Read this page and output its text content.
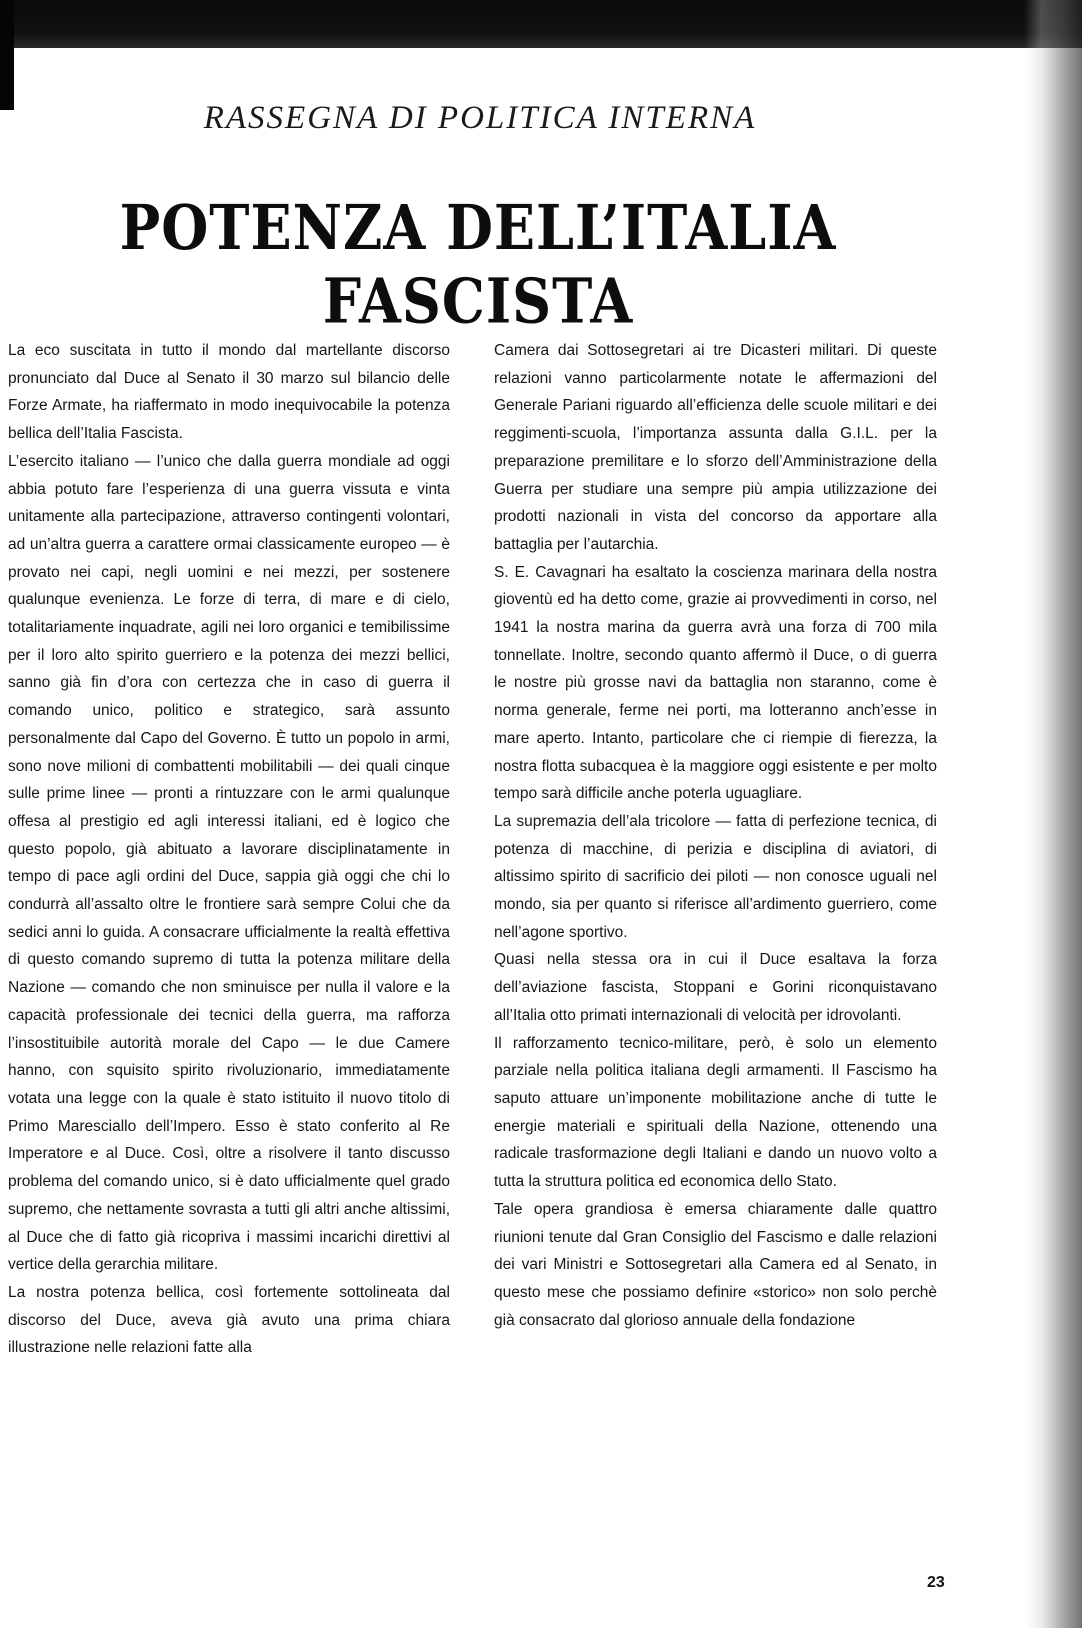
RASSEGNA DI POLITICA INTERNA
POTENZA DELL’ITALIA FASCISTA

La eco suscitata in tutto il mondo dal martellante discorso pronunciato dal Duce al Senato il 30 marzo sul bilancio delle Forze Armate, ha riaffermato in modo inequivocabile la potenza bellica dell’Italia Fascista.

L’esercito italiano — l’unico che dalla guerra mondiale ad oggi abbia potuto fare l’esperienza di una guerra vissuta e vinta unitamente alla partecipazione, attraverso contingenti volontari, ad un’altra guerra a carattere ormai classicamente europeo — è provato nei capi, negli uomini e nei mezzi, per sostenere qualunque evenienza. Le forze di terra, di mare e di cielo, totalitariamente inquadrate, agili nei loro organici e temibilissime per il loro alto spirito guerriero e la potenza dei mezzi bellici, sanno già fin d’ora con certezza che in caso di guerra il comando unico, politico e strategico, sarà assunto personalmente dal Capo del Governo. È tutto un popolo in armi, sono nove milioni di combattenti mobilitabili — dei quali cinque sulle prime linee — pronti a rintuzzare con le armi qualunque offesa al prestigio ed agli interessi italiani, ed è logico che questo popolo, già abituato a lavorare disciplinatamente in tempo di pace agli ordini del Duce, sappia già oggi che chi lo condurrà all’assalto oltre le frontiere sarà sempre Colui che da sedici anni lo guida. A consacrare ufficialmente la realtà effettiva di questo comando supremo di tutta la potenza militare della Nazione — comando che non sminuisce per nulla il valore e la capacità professionale dei tecnici della guerra, ma rafforza l’insostituibile autorità morale del Capo — le due Camere hanno, con squisito spirito rivoluzionario, immediatamente votata una legge con la quale è stato istituito il nuovo titolo di Primo Maresciallo dell’Impero. Esso è stato conferito al Re Imperatore e al Duce. Così, oltre a risolvere il tanto discusso problema del comando unico, si è dato ufficialmente quel grado supremo, che nettamente sovrasta a tutti gli altri anche altissimi, al Duce che di fatto già ricopriva i massimi incarichi direttivi al vertice della gerarchia militare.

La nostra potenza bellica, così fortemente sottolineata dal discorso del Duce, aveva già avuto una prima chiara illustrazione nelle relazioni fatte alla

Camera dai Sottosegretari ai tre Dicasteri militari. Di queste relazioni vanno particolarmente notate le affermazioni del Generale Pariani riguardo all’efficienza delle scuole militari e dei reggimenti-scuola, l’importanza assunta dalla G.I.L. per la preparazione premilitare e lo sforzo dell’Amministrazione della Guerra per studiare una sempre più ampia utilizzazione dei prodotti nazionali in vista del concorso da apportare alla battaglia per l’autarchia.

S. E. Cavagnari ha esaltato la coscienza marinara della nostra gioventù ed ha detto come, grazie ai provvedimenti in corso, nel 1941 la nostra marina da guerra avrà una forza di 700 mila tonnellate. Inoltre, secondo quanto affermò il Duce, o di guerra le nostre più grosse navi da battaglia non staranno, come è norma generale, ferme nei porti, ma lotteranno anch’esse in mare aperto. Intanto, particolare che ci riempie di fierezza, la nostra flotta subacquea è la maggiore oggi esistente e per molto tempo sarà difficile anche poterla uguagliare.

La supremazia dell’ala tricolore — fatta di perfezione tecnica, di potenza di macchine, di perizia e disciplina di aviatori, di altissimo spirito di sacrificio dei piloti — non conosce uguali nel mondo, sia per quanto si riferisce all’ardimento guerriero, come nell’agone sportivo.

Quasi nella stessa ora in cui il Duce esaltava la forza dell’aviazione fascista, Stoppani e Gorini riconquistavano all’Italia otto primati internazionali di velocità per idrovolanti.

Il rafforzamento tecnico-militare, però, è solo un elemento parziale nella politica italiana degli armamenti. Il Fascismo ha saputo attuare un’imponente mobilitazione anche di tutte le energie materiali e spirituali della Nazione, ottenendo una radicale trasformazione degli Italiani e dando un nuovo volto a tutta la struttura politica ed economica dello Stato.

Tale opera grandiosa è emersa chiaramente dalle quattro riunioni tenute dal Gran Consiglio del Fascismo e dalle relazioni dei vari Ministri e Sottosegretari alla Camera ed al Senato, in questo mese che possiamo definire «storico» non solo perchè già consacrato dal glorioso annuale della fondazione

23
